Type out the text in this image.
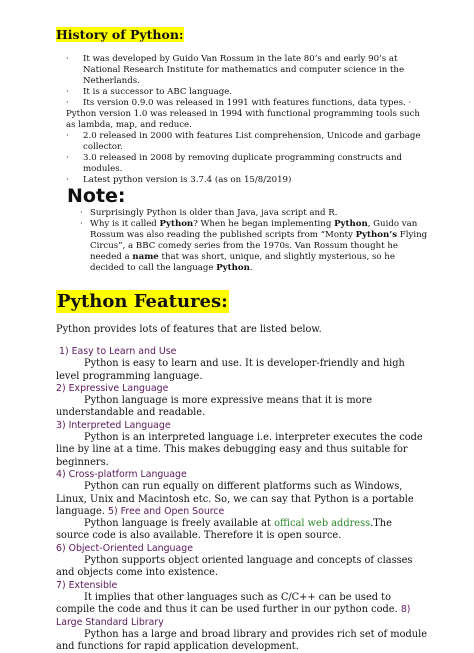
History of Python:
· It was developed by Guido Van Rossum in the late 80’s and early 90’s at National Research Institute for mathematics and computer science in the Netherlands.
· It is a successor to ABC language.
· Its version 0.9.0 was released in 1991 with features functions, data types. ·
Python version 1.0 was released in 1994 with functional programming tools such as lambda, map, and reduce.
· 2.0 released in 2000 with features List comprehension, Unicode and garbage collector.
· 3.0 released in 2008 by removing duplicate programming constructs and modules.
· Latest python version is 3.7.4 (as on 15/8/2019)
Note:
· Surprisingly Python is older than Java, java script and R.
· Why is it called Python? When he began implementing Python, Guido van Rossum was also reading the published scripts from “Monty Python’s Flying Circus”, a BBC comedy series from the 1970s. Van Rossum thought he needed a name that was short, unique, and slightly mysterious, so he decided to call the language Python.
Python Features:
Python provides lots of features that are listed below.
1) Easy to Learn and Use

Python is easy to learn and use. It is developer-friendly and high level programming language.

2) Expressive Language

Python language is more expressive means that it is more understandable and readable.

3) Interpreted Language

Python is an interpreted language i.e. interpreter executes the code line by line at a time. This makes debugging easy and thus suitable for beginners.

4) Cross-platform Language

Python can run equally on different platforms such as Windows, Linux, Unix and Macintosh etc. So, we can say that Python is a portable language. 5) Free and Open Source

Python language is freely available at offical web address.The source code is also available. Therefore it is open source.

6) Object-Oriented Language

Python supports object oriented language and concepts of classes and objects come into existence.

7) Extensible

It implies that other languages such as C/C++ can be used to compile the code and thus it can be used further in our python code. 8) Large Standard Library

Python has a large and broad library and provides rich set of module and functions for rapid application development.
